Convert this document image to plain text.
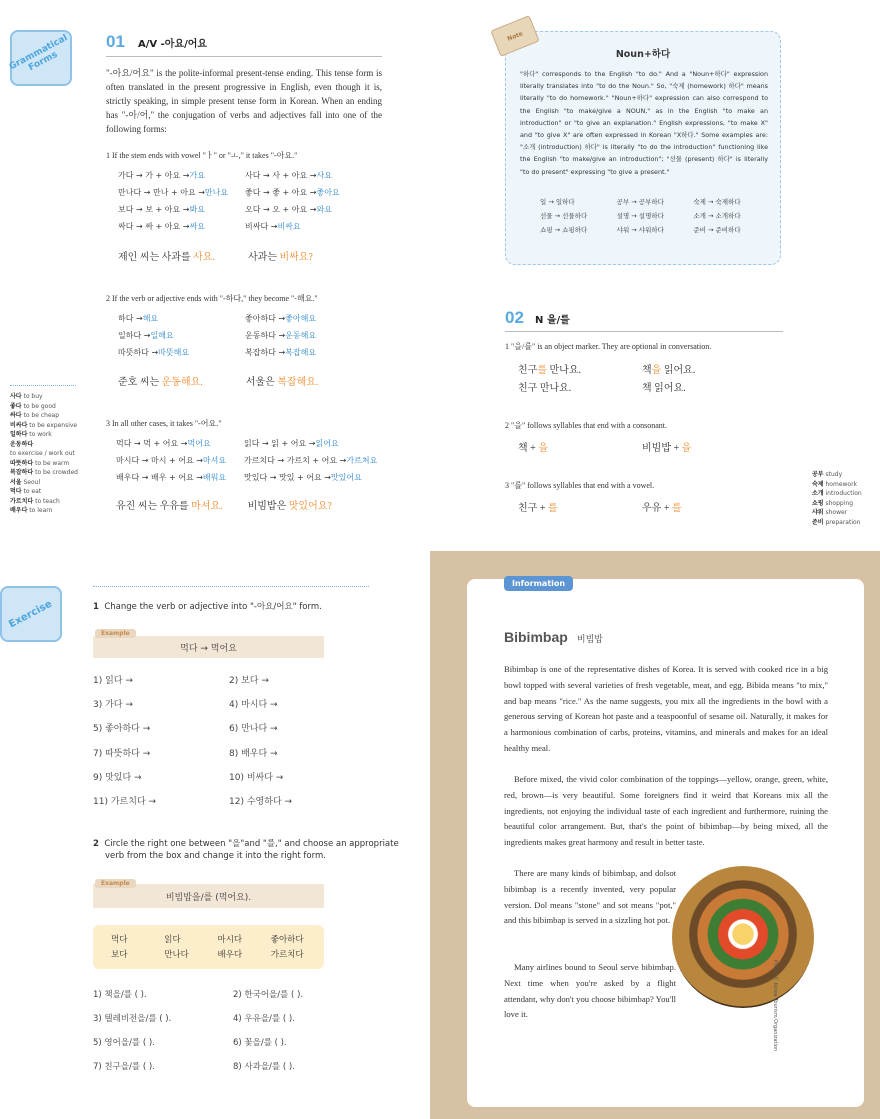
Grammatical Forms
01 A/V -아요/어요
"-아요/어요" is the polite-informal present-tense ending. This tense form is often translated in the present progressive in English, even though it is, strictly speaking, in simple present tense form in Korean. When an ending has "-아/어," the conjugation of verbs and adjectives fall into one of the following forms:
1 If the stem ends with vowel "ㅏ" or "ㅗ," it takes "-아요."
가다 → 가 + 아요 →가요	사다 → 사 + 아요 →사요
만나다 → 만나 + 아요 →만나요	좋다 → 좋 + 아요 →좋아요
보다 → 보 + 아요 →봐요	오다 → 오 + 아요 →와요
싸다 → 싸 + 아요 →싸요	비싸다 →비싸요
제인 씨는 사과를 사요.	사과는 비싸요?
2 If the verb or adjective ends with "-하다," they become "-해요."
하다 →해요	좋아하다 →좋아해요
일하다 →일해요	운동하다 →운동해요
따뜻하다 →따뜻해요	복잡하다 →복잡해요
준호 씨는 운동해요.	서울은 복잡해요.
3 In all other cases, it takes "-어요."
먹다 → 먹 + 어요 →먹어요	읽다 → 읽 + 어요 →읽어요
마시다 → 마시 + 어요 →마셔요	가르치다 → 가르치 + 어요 →가르쳐요
배우다 → 배우 + 어요 →배워요	맛있다 → 맛있 + 어요 →맛있어요
유진 씨는 우유를 마셔요.	비빔밥은 맛있어요?
사다 to buy
좋다 to be good
싸다 to be cheap
비싸다 to be expensive
일하다 to work
운동하다
to exercise / work out
따뜻하다 to be warm
복잡하다 to be crowded
서울 Seoul
먹다 to eat
가르치다 to teach
배우다 to learn
Note
Noun+하다
"하다" corresponds to the English "to do." And a "Noun+하다" expression literally translates into "to do the Noun." So, "숙제 (homework) 하다" means literally "to do homework." "Noun+하다" expression can also correspond to the English "to make/give a NOUN," as in the English "to make an introduction" or "to give an explanation." English expressions, "to make X" and "to give X" are often expressed in Korean "X하다." Some examples are: "소개 (introduction) 하다" is literally "to do the introduction" functioning like the English "to make/give an introduction"; "선물 (present) 하다" is literally "to do present" expressing "to give a present."
일 → 일하다	공부 → 공부하다	숙제 → 숙제하다
선물 → 선물하다	설명 → 설명하다	소개 → 소개하다
쇼핑 → 쇼핑하다	샤워 → 샤워하다	준비 → 준비하다
02 N 을/를
1 "을/를" is an object marker. They are optional in conversation.
친구를 만나요.	책을 읽어요.
친구 만나요.	책 읽어요.
2 "을" follows syllables that end with a consonant.
책 + 을	비빔밥 + 을
3 "를" follows syllables that end with a vowel.
친구 + 를	우유 + 를
공부 study
숙제 homework
소개 introduction
쇼핑 shopping
샤워 shower
준비 preparation
Exercise	1 Change the verb or adjective into "-아요/어요" form.
먹다 → 먹어요
Example
1) 읽다 →	2) 보다 →
3) 가다 →	4) 마시다 →
5) 좋아하다 →	6) 만나다 →
7) 따뜻하다 →	8) 배우다 →
9) 맛있다 →	10) 비싸다 →
11) 가르치다 →	12) 수영하다 →
2 Circle the right one between "을"and "를," and choose an appropriate
verb from the box and change it into the right form.
비빔밥을/를 (먹어요).
Example
먹다	읽다	마시다	좋아하다
보다	만나다	배우다	가르치다
1) 책을/를 ( ).	2) 한국어을/를 ( ).
3) 텔레비전을/를 ( ).	4) 우유을/를 ( ).
5) 영어을/를 ( ).	6) 꽃을/를 ( ).
7) 친구을/를 ( ).	8) 사과을/를 ( ).
Information
Bibimbap 비빔밥
Bibimbap is one of the representative dishes of Korea. It is served with cooked rice in a big bowl topped with several varieties of fresh vegetable, meat, and egg. Bibida means "to mix," and bap means "rice." As the name suggests, you mix all the ingredients in the bowl with a generous serving of Korean hot paste and a teaspoonful of sesame oil. Naturally, it makes for a harmonious combination of carbs, proteins, vitamins, and minerals and makes for an ideal healthy meal.
Before mixed, the vivid color combination of the toppings—yellow, orange, green, white, red, brown—is very beautiful. Some foreigners find it weird that Koreans mix all the ingredients, not enjoying the individual taste of each ingredient and furthermore, ruining the beautiful color arrangement. But, that's the point of bibimbap—by being mixed, all the ingredients makes great harmony and result in better taste.
There are many kinds of bibimbap, and dolsot bibimbap is a recently invented, very popular version. Dol means "stone" and sot means "pot," and this bibimbap is served in a sizzling hot pot.
Many airlines bound to Seoul serve bibimbap. Next time when you're asked by a flight attendant, why don't you choose bibimbap? You'll love it.	Photo © Korea Tourism Organization
